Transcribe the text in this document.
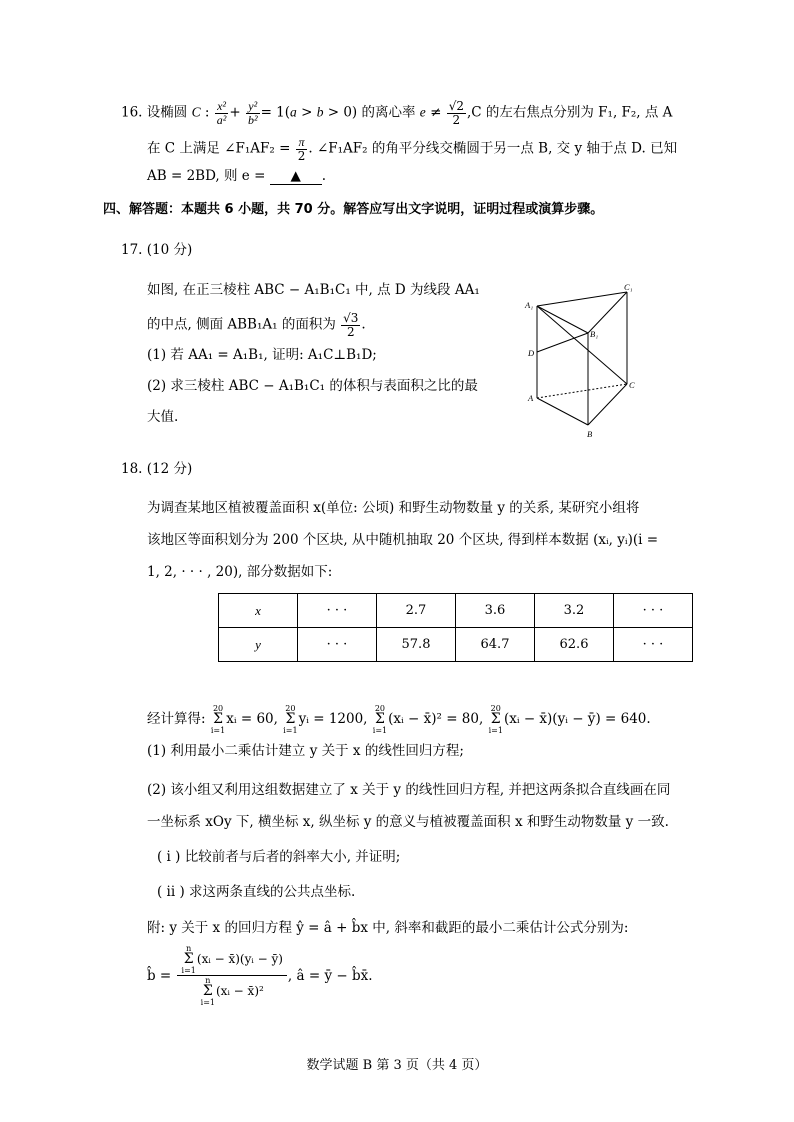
16. 设椭圆 C : $\frac{\text{x²}}{\text{a²}} + \frac{\text{y²}}{\text{b²}} = 1(a > b > 0)$ 的离心率 $e \ne \frac{√2}{2} ,C$ 的左右焦点分别为 F₁, F₂, 点 A
在 C 上满足 ∠F₁AF₂ = $\frac{\pi}{2}$ . ∠F₁AF₂ 的角平分线交椭圆于另一点 B, 交 y 轴于点 D. 已知
AB = 2BD, 则 e = ▲ .
四、解答题：本题共 6 小题，共 70 分。解答应写出文字说明，证明过程或演算步骤。
17. (10 分)
如图, 在正三棱柱 ABC − A₁B₁C₁ 中, 点 D 为线段 AA₁
的中点, 侧面 ABB₁A₁ 的面积为 $\frac{√3}{2}$ .
(1) 若 AA₁ = A₁B₁, 证明: A₁C⊥B₁D;
(2) 求三棱柱 ABC − A₁B₁C₁ 的体积与表面积之比的最
大值.
A₁
C₁
B₁
D
A
C
B
18. (12 分)
为调查某地区植被覆盖面积 x(单位: 公顷) 和野生动物数量 y 的关系, 某研究小组将
该地区等面积划分为 200 个区块, 从中随机抽取 20 个区块, 得到样本数据 (xᵢ, yᵢ)(i =
1, 2, · · · , 20), 部分数据如下:
x	· · ·	2.7	3.6	3.2	· · ·
y	· · ·	57.8	64.7	62.6	· · ·
经计算得: 20
Σ
i=1xᵢ = 60, 20
Σ
i=1yᵢ = 1200, 20
Σ
i=1(xᵢ − x̄)² = 80, 20
Σ
i=1(xᵢ − x̄)(yᵢ − ȳ) = 640.
(1) 利用最小二乘估计建立 y 关于 x 的线性回归方程;
(2) 该小组又利用这组数据建立了 x 关于 y 的线性回归方程, 并把这两条拟合直线画在同
一坐标系 xOy 下, 横坐标 x, 纵坐标 y 的意义与植被覆盖面积 x 和野生动物数量 y 一致.
( i ) 比较前者与后者的斜率大小, 并证明;
( ii ) 求这两条直线的公共点坐标.
附: y 关于 x 的回归方程 ŷ = â + b̂x 中, 斜率和截距的最小二乘估计公式分别为:
b̂ = n
Σ
i=1(xᵢ − x̄)(yᵢ − ȳ)
n
Σ
i=1(xᵢ − x̄)² , â = ȳ − b̂x̄.
数学试题 B 第 3 页（共 4 页）
